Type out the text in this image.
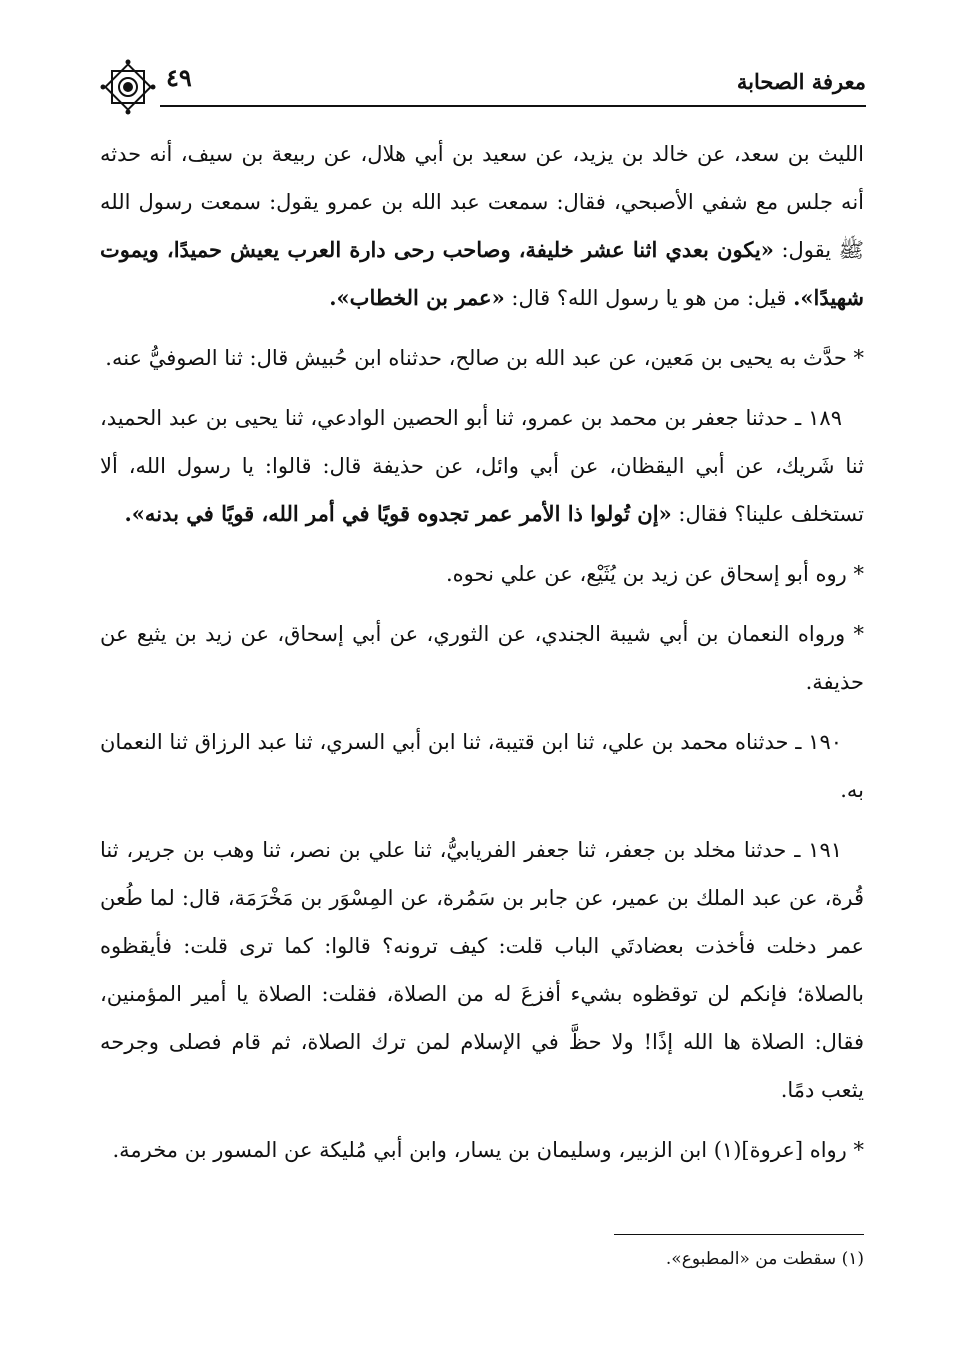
معرفة الصحابة
٤٩

الليث بن سعد، عن خالد بن يزيد، عن سعيد بن أبي هلال، عن ربيعة بن سيف، أنه حدثه أنه جلس مع شفي الأصبحي، فقال: سمعت عبد الله بن عمرو يقول: سمعت رسول الله ﷺ يقول: «يكون بعدي اثنا عشر خليفة، وصاحب رحى دارة العرب يعيش حميدًا، ويموت شهيدًا». قيل: من هو يا رسول الله؟ قال: «عمر بن الخطاب».

* حدَّث به يحيى بن مَعين، عن عبد الله بن صالح، حدثناه ابن حُبيش قال: ثنا الصوفيُّ عنه.

١٨٩ ـ حدثنا جعفر بن محمد بن عمرو، ثنا أبو الحصين الوادعي، ثنا يحيى بن عبد الحميد، ثنا شَريك، عن أبي اليقظان، عن أبي وائل، عن حذيفة قال: قالوا: يا رسول الله، ألا تستخلف علينا؟ فقال: «إن تُولوا ذا الأمر عمر تجدوه قويًا في أمر الله، قويًا في بدنه».

* روه أبو إسحاق عن زيد بن يُثَيْع، عن علي نحوه.

* ورواه النعمان بن أبي شيبة الجندي، عن الثوري، عن أبي إسحاق، عن زيد بن يثيع عن حذيفة.

١٩٠ ـ حدثناه محمد بن علي، ثنا ابن قتيبة، ثنا ابن أبي السري، ثنا عبد الرزاق ثنا النعمان به.

١٩١ ـ حدثنا مخلد بن جعفر، ثنا جعفر الفريابيُّ، ثنا علي بن نصر، ثنا وهب بن جرير، ثنا قُرة، عن عبد الملك بن عمير، عن جابر بن سَمُرة، عن المِسْوَر بن مَخْرَمَة، قال: لما طُعن عمر دخلت فأخذت بعضادتَي الباب قلت: كيف ترونه؟ قالوا: كما ترى قلت: فأيقظوه بالصلاة؛ فإنكم لن توقظوه بشيء أفزعَ له من الصلاة، فقلت: الصلاة يا أمير المؤمنين، فقال: الصلاة ها الله إذًا! ولا حظَّ في الإسلام لمن ترك الصلاة، ثم قام فصلى وجرحه يثعب دمًا.

* رواه [عروة](١) ابن الزبير، وسليمان بن يسار، وابن أبي مُليكة عن المسور بن مخرمة.

(١) سقطت من «المطبوع».
